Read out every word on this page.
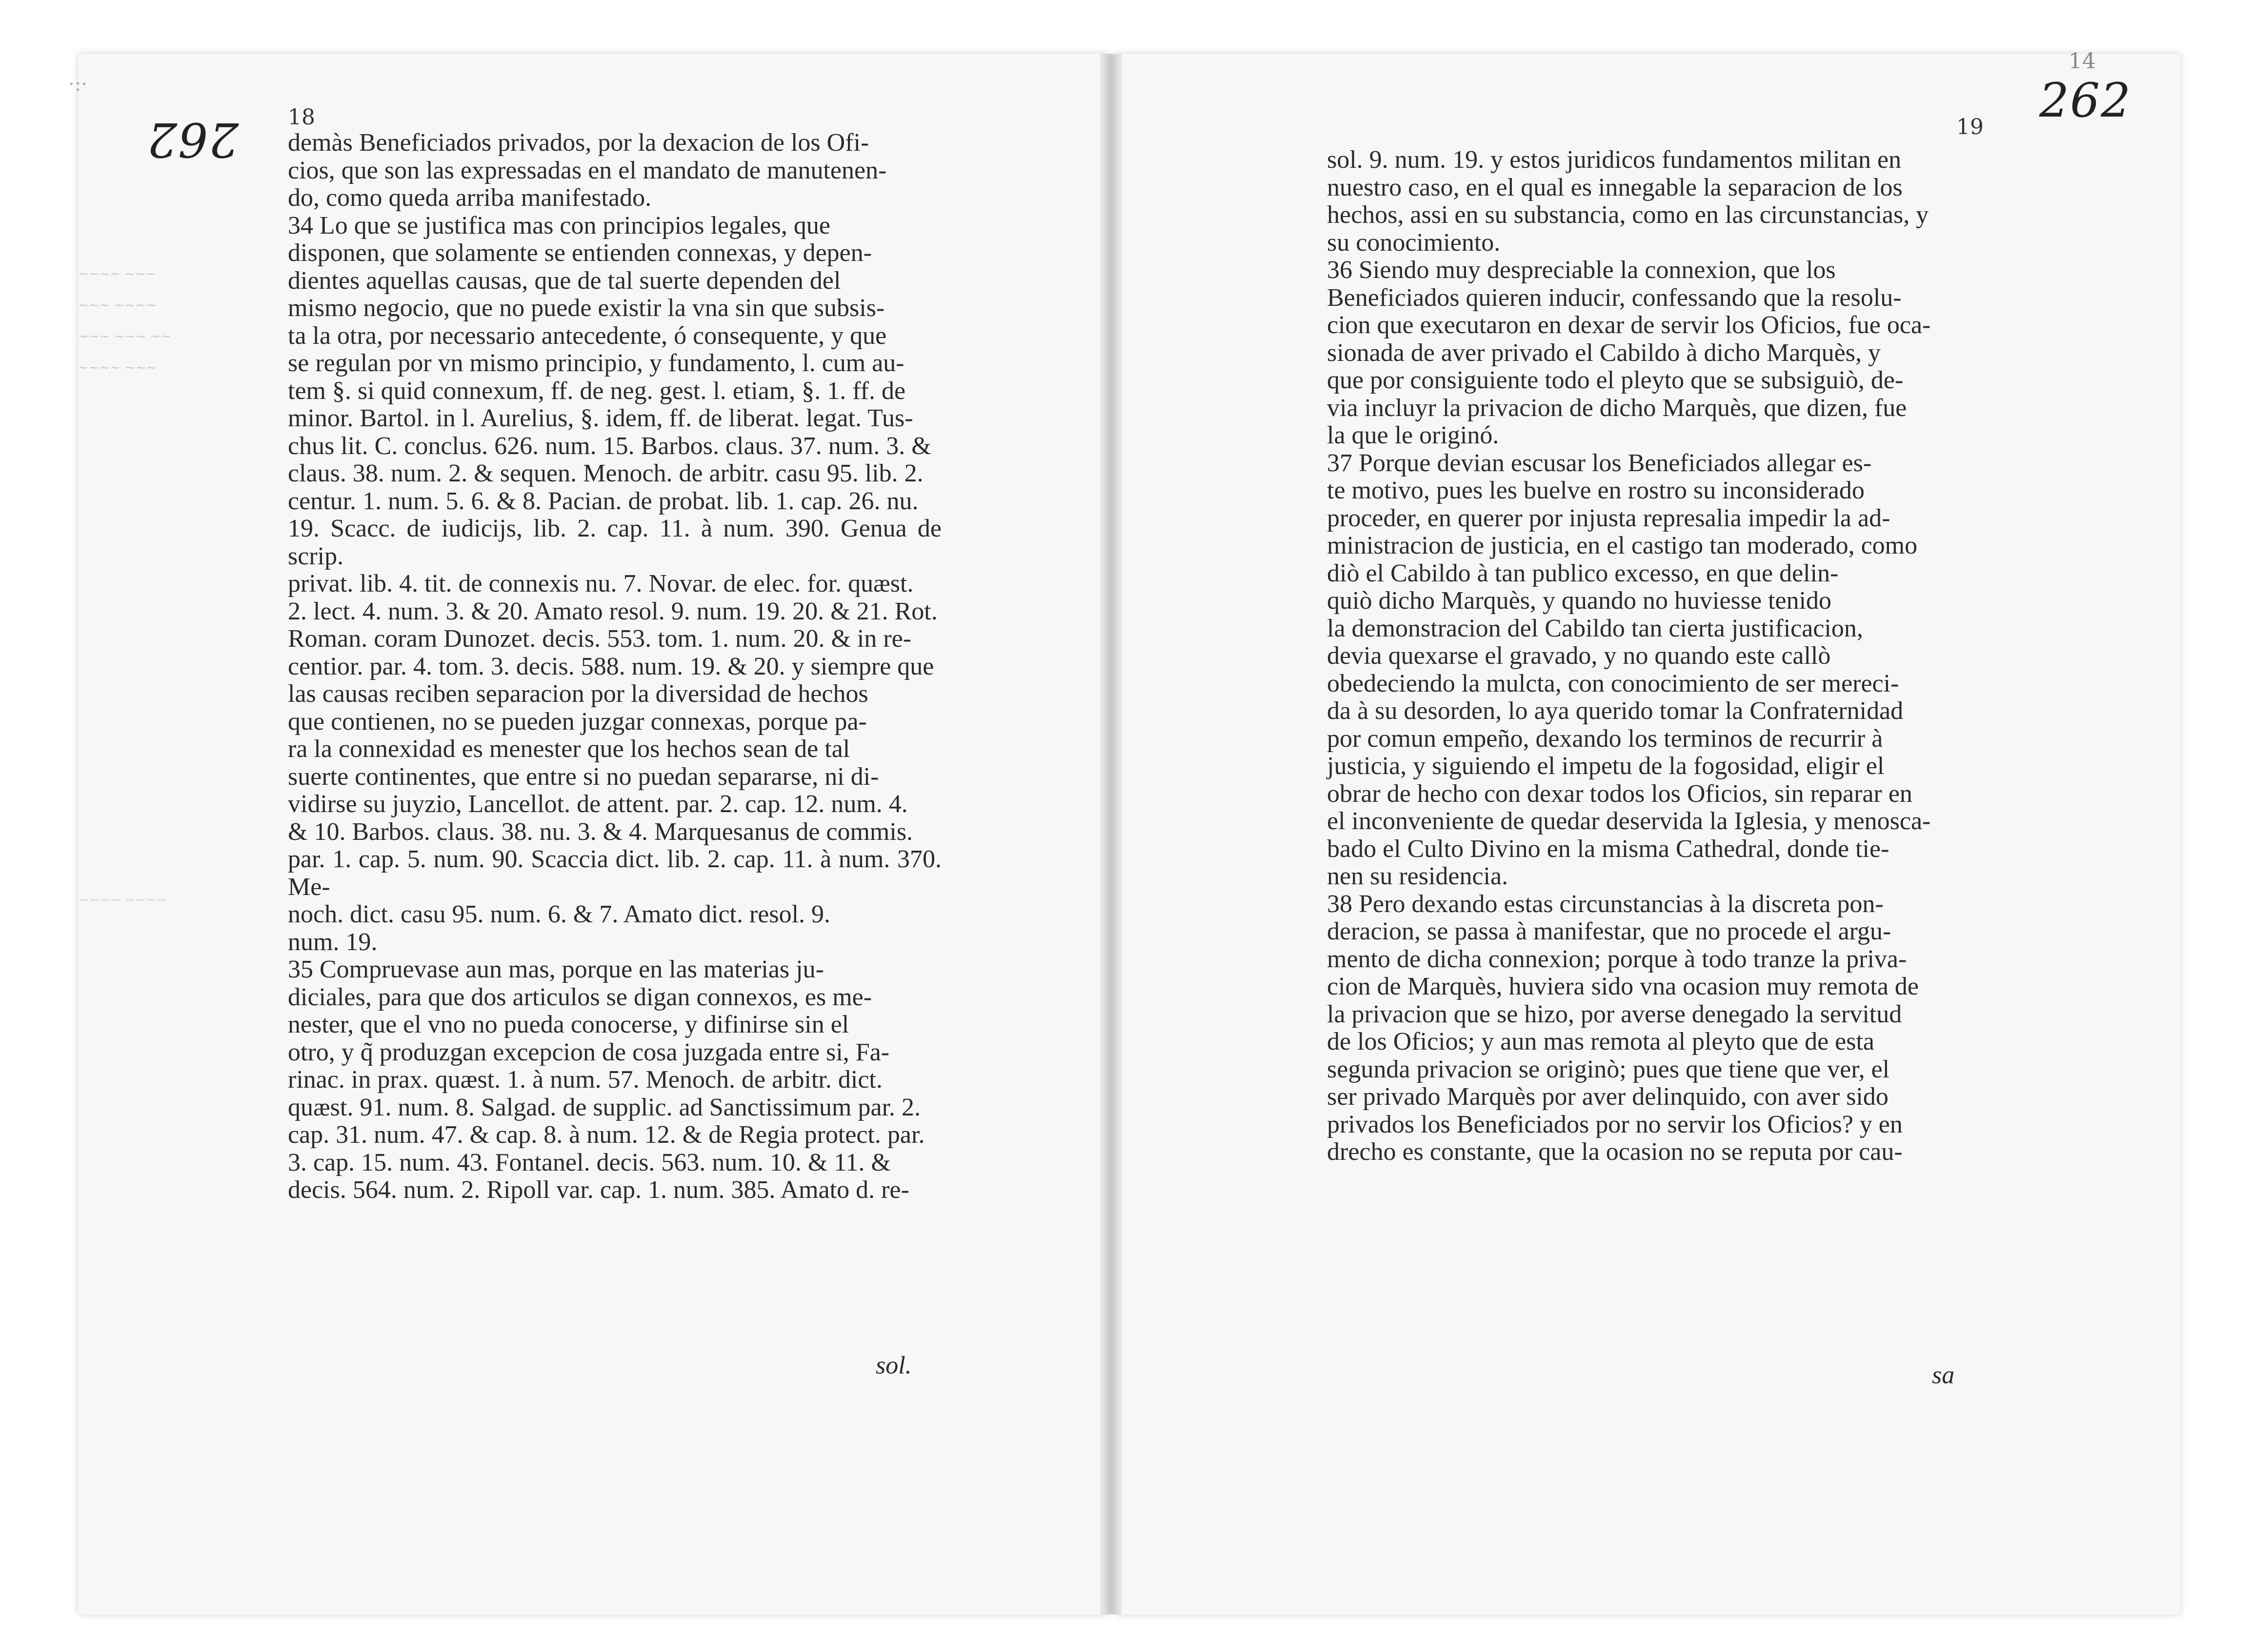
·:·
262
262
14
~~~~ ~~~
~~~ ~~~~
~~~ ~~~ ~~
~~~~ ~~~
~~~~ ~~~~
18	19

demàs Beneficiados privados, por la dexacion de los Ofi-

cios, que son las expressadas en el mandato de manutenen-

do, como queda arriba manifestado.

34 Lo que se justifica mas con principios legales, que

disponen, que solamente se entienden connexas, y depen-

dientes aquellas causas, que de tal suerte dependen del

mismo negocio, que no puede existir la vna sin que subsis-

ta la otra, por necessario antecedente, ó consequente, y que

se regulan por vn mismo principio, y fundamento, l. cum au-

tem §. si quid connexum, ff. de neg. gest. l. etiam, §. 1. ff. de

minor. Bartol. in l. Aurelius, §. idem, ff. de liberat. legat. Tus-

chus lit. C. conclus. 626. num. 15. Barbos. claus. 37. num. 3. &

claus. 38. num. 2. & sequen. Menoch. de arbitr. casu 95. lib. 2.

centur. 1. num. 5. 6. & 8. Pacian. de probat. lib. 1. cap. 26. nu.

19. Scacc. de iudicijs, lib. 2. cap. 11. à num. 390. Genua de scrip.

privat. lib. 4. tit. de connexis nu. 7. Novar. de elec. for. quæst.

2. lect. 4. num. 3. & 20. Amato resol. 9. num. 19. 20. & 21. Rot.

Roman. coram Dunozet. decis. 553. tom. 1. num. 20. & in re-

centior. par. 4. tom. 3. decis. 588. num. 19. & 20. y siempre que

las causas reciben separacion por la diversidad de hechos

que contienen, no se pueden juzgar connexas, porque pa-

ra la connexidad es menester que los hechos sean de tal

suerte continentes, que entre si no puedan separarse, ni di-

vidirse su juyzio, Lancellot. de attent. par. 2. cap. 12. num. 4.

& 10. Barbos. claus. 38. nu. 3. & 4. Marquesanus de commis.

par. 1. cap. 5. num. 90. Scaccia dict. lib. 2. cap. 11. à num. 370. Me-

noch. dict. casu 95. num. 6. & 7. Amato dict. resol. 9.

num. 19.

35 Compruevase aun mas, porque en las materias ju-

diciales, para que dos articulos se digan connexos, es me-

nester, que el vno no pueda conocerse, y difinirse sin el

otro, y q̃ produzgan excepcion de cosa juzgada entre si, Fa-

rinac. in prax. quæst. 1. à num. 57. Menoch. de arbitr. dict.

quæst. 91. num. 8. Salgad. de supplic. ad Sanctissimum par. 2.

cap. 31. num. 47. & cap. 8. à num. 12. & de Regia protect. par.

3. cap. 15. num. 43. Fontanel. decis. 563. num. 10. & 11. &

decis. 564. num. 2. Ripoll var. cap. 1. num. 385. Amato d. re-

sol. 9. num. 19. y estos juridicos fundamentos militan en

nuestro caso, en el qual es innegable la separacion de los

hechos, assi en su substancia, como en las circunstancias, y

su conocimiento.

36 Siendo muy despreciable la connexion, que los

Beneficiados quieren inducir, confessando que la resolu-

cion que executaron en dexar de servir los Oficios, fue oca-

sionada de aver privado el Cabildo à dicho Marquès, y

que por consiguiente todo el pleyto que se subsiguiò, de-

via incluyr la privacion de dicho Marquès, que dizen, fue

la que le originó.

37 Porque devian escusar los Beneficiados allegar es-

te motivo, pues les buelve en rostro su inconsiderado

proceder, en querer por injusta represalia impedir la ad-

ministracion de justicia, en el castigo tan moderado, como

diò el Cabildo à tan publico excesso, en que delin-

quiò dicho Marquès, y quando no huviesse tenido

la demonstracion del Cabildo tan cierta justificacion,

devia quexarse el gravado, y no quando este callò

obedeciendo la mulcta, con conocimiento de ser mereci-

da à su desorden, lo aya querido tomar la Confraternidad

por comun empeño, dexando los terminos de recurrir à

justicia, y siguiendo el impetu de la fogosidad, eligir el

obrar de hecho con dexar todos los Oficios, sin reparar en

el inconveniente de quedar deservida la Iglesia, y menosca-

bado el Culto Divino en la misma Cathedral, donde tie-

nen su residencia.

38 Pero dexando estas circunstancias à la discreta pon-

deracion, se passa à manifestar, que no procede el argu-

mento de dicha connexion; porque à todo tranze la priva-

cion de Marquès, huviera sido vna ocasion muy remota de

la privacion que se hizo, por averse denegado la servitud

de los Oficios; y aun mas remota al pleyto que de esta

segunda privacion se originò; pues que tiene que ver, el

ser privado Marquès por aver delinquido, con aver sido

privados los Beneficiados por no servir los Oficios? y en

drecho es constante, que la ocasion no se reputa por cau-

sol.	sa
